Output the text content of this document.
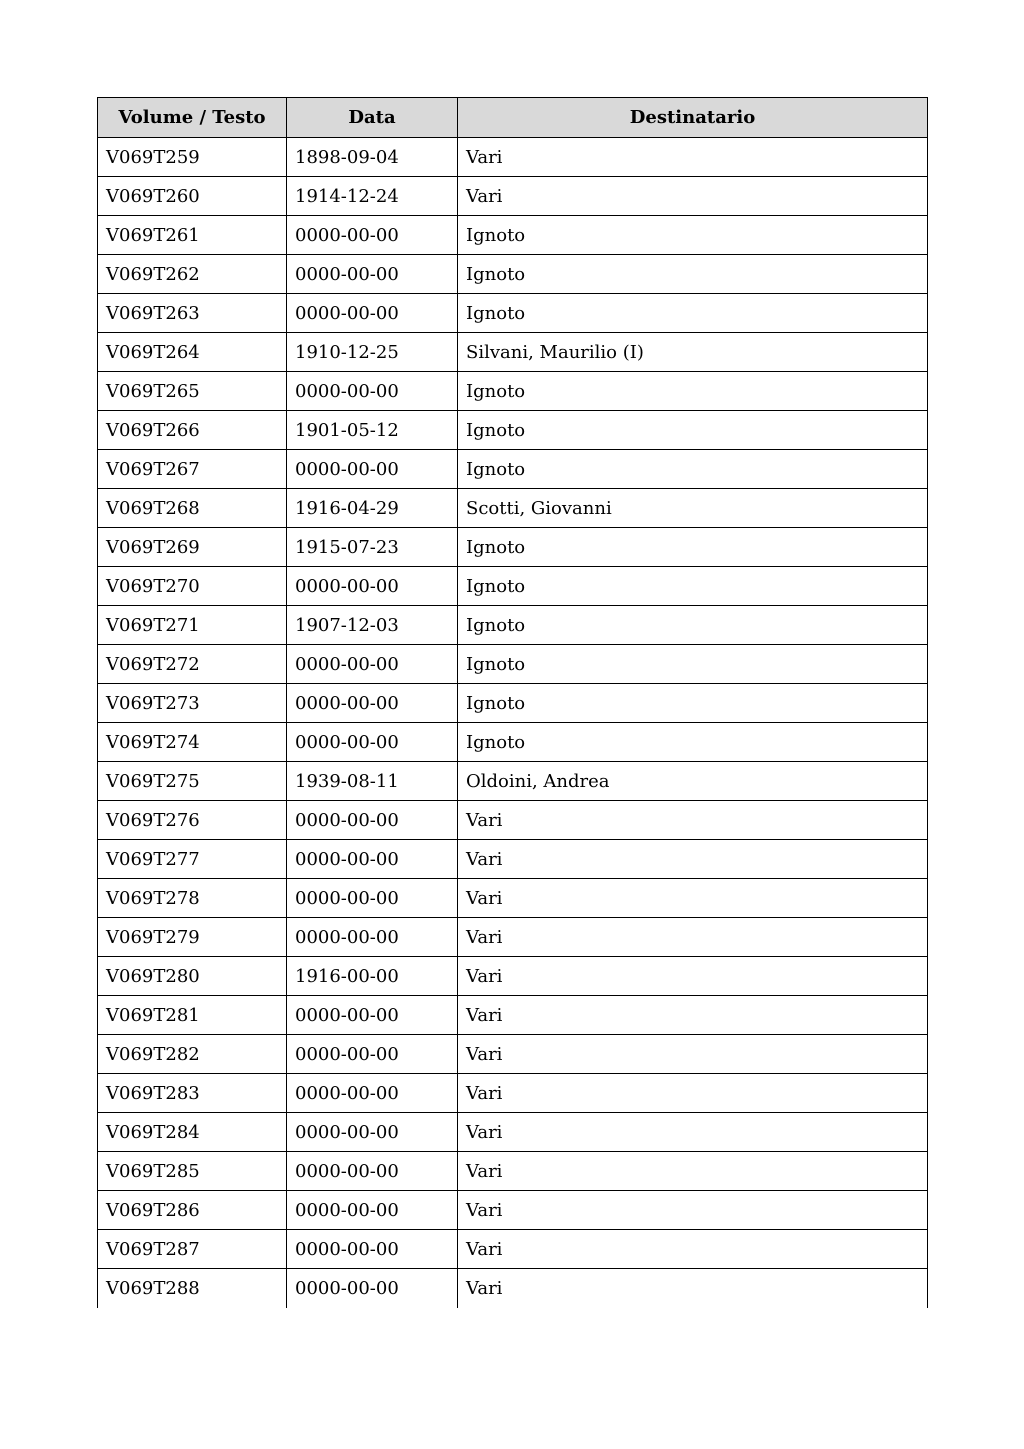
Volume / Testo	Data	Destinatario
V069T259	1898-09-04	Vari
V069T260	1914-12-24	Vari
V069T261	0000-00-00	Ignoto
V069T262	0000-00-00	Ignoto
V069T263	0000-00-00	Ignoto
V069T264	1910-12-25	Silvani, Maurilio (I)
V069T265	0000-00-00	Ignoto
V069T266	1901-05-12	Ignoto
V069T267	0000-00-00	Ignoto
V069T268	1916-04-29	Scotti, Giovanni
V069T269	1915-07-23	Ignoto
V069T270	0000-00-00	Ignoto
V069T271	1907-12-03	Ignoto
V069T272	0000-00-00	Ignoto
V069T273	0000-00-00	Ignoto
V069T274	0000-00-00	Ignoto
V069T275	1939-08-11	Oldoini, Andrea
V069T276	0000-00-00	Vari
V069T277	0000-00-00	Vari
V069T278	0000-00-00	Vari
V069T279	0000-00-00	Vari
V069T280	1916-00-00	Vari
V069T281	0000-00-00	Vari
V069T282	0000-00-00	Vari
V069T283	0000-00-00	Vari
V069T284	0000-00-00	Vari
V069T285	0000-00-00	Vari
V069T286	0000-00-00	Vari
V069T287	0000-00-00	Vari
V069T288	0000-00-00	Vari
